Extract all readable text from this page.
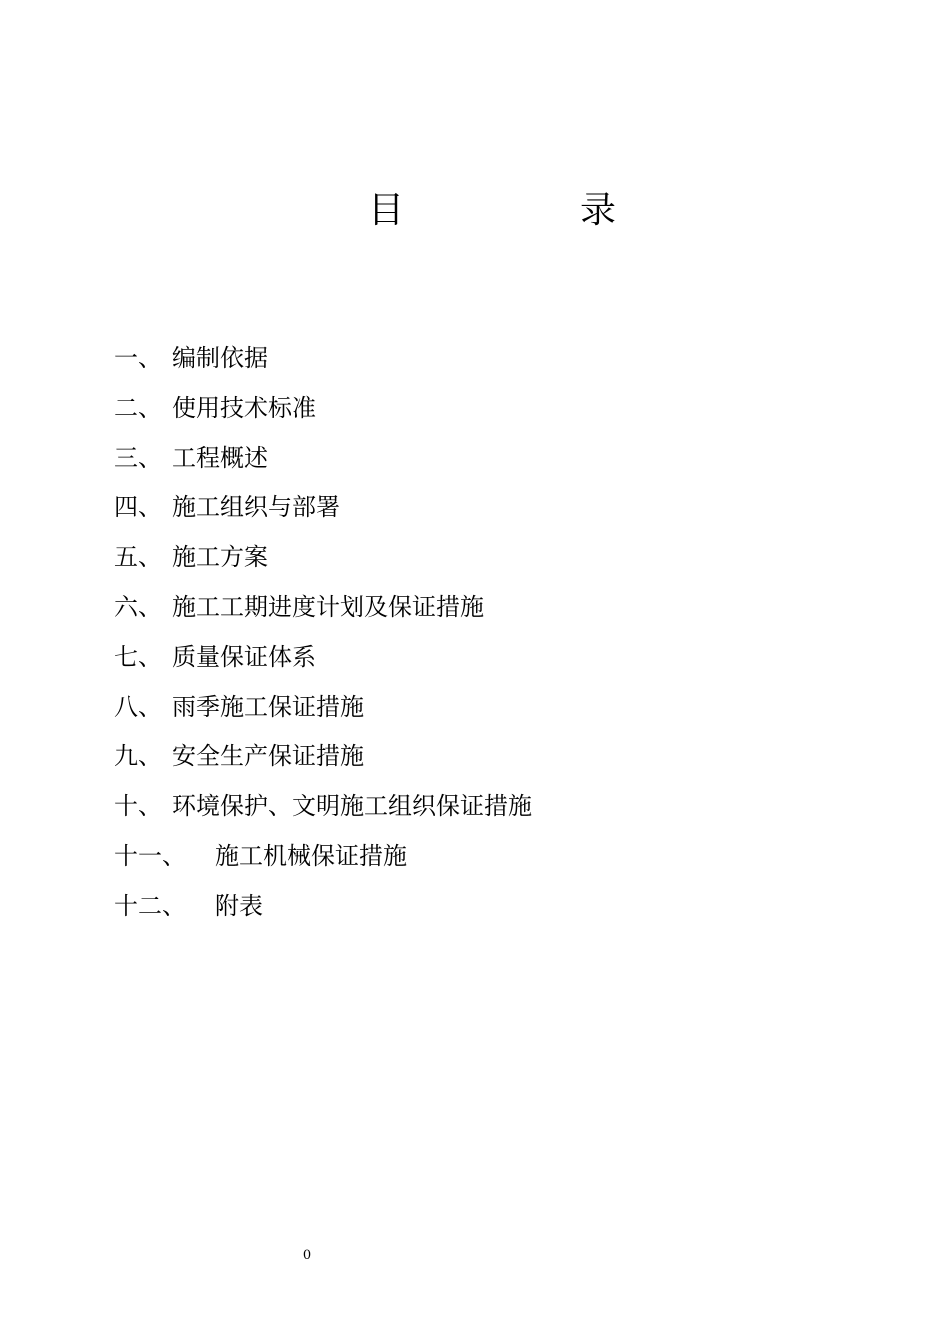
目	录
一、 编制依据
二、 使用技术标准
三、 工程概述
四、 施工组织与部署
五、 施工方案
六、 施工工期进度计划及保证措施
七、 质量保证体系
八、 雨季施工保证措施
九、 安全生产保证措施
十、 环境保护、文明施工组织保证措施
十一、 施工机械保证措施
十二、 附表
0
